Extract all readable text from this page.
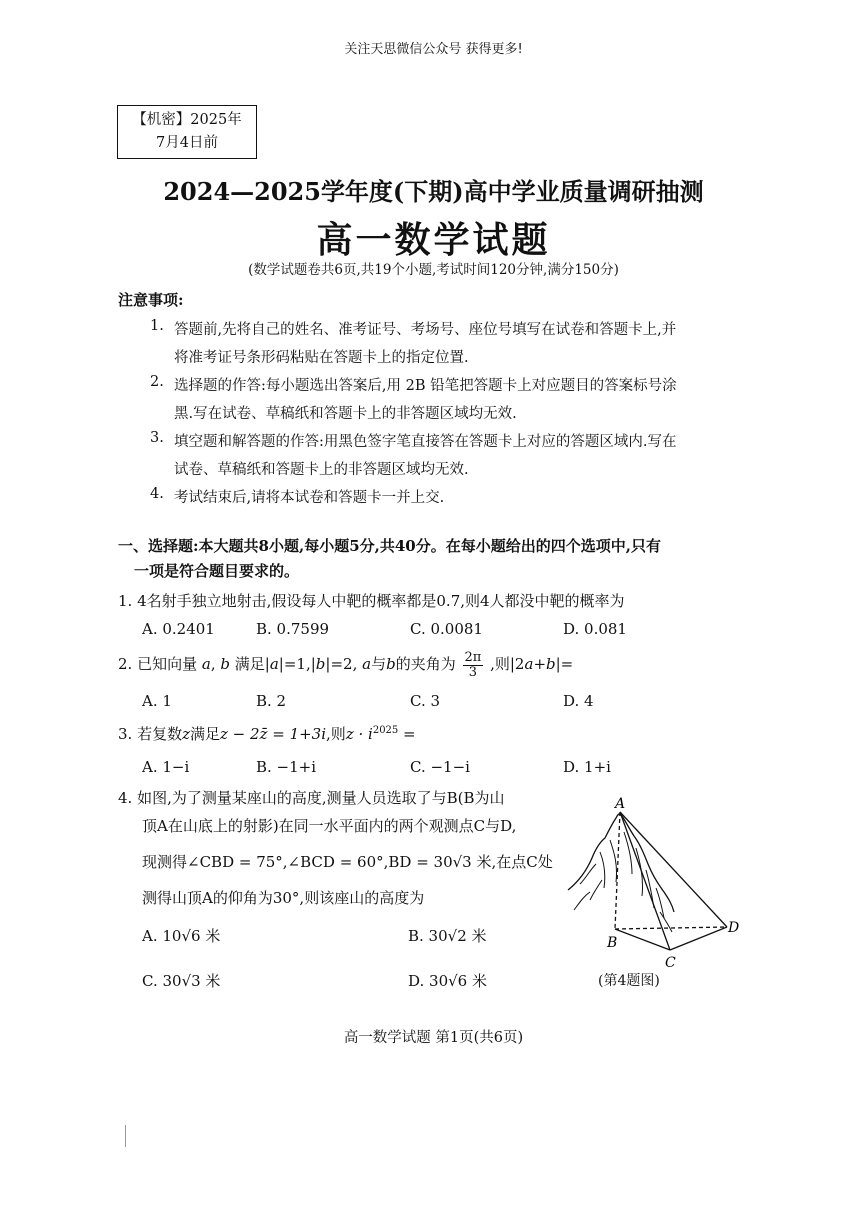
关注天思微信公众号 获得更多!
【机密】2025年
7月4日前
2024—2025学年度(下期)高中学业质量调研抽测
高一数学试题
(数学试题卷共6页,共19个小题,考试时间120分钟,满分150分)
注意事项:
1. 答题前,先将自己的姓名、准考证号、考场号、座位号填写在试卷和答题卡上,并
将准考证号条形码粘贴在答题卡上的指定位置.
2. 选择题的作答:每小题选出答案后,用 2B 铅笔把答题卡上对应题目的答案标号涂
黑.写在试卷、草稿纸和答题卡上的非答题区域均无效.
3. 填空题和解答题的作答:用黑色签字笔直接答在答题卡上对应的答题区域内.写在
试卷、草稿纸和答题卡上的非答题区域均无效.
4. 考试结束后,请将本试卷和答题卡一并上交.
一、选择题:本大题共8小题,每小题5分,共40分。在每小题给出的四个选项中,只有
一项是符合题目要求的。
1. 4名射手独立地射击,假设每人中靶的概率都是0.7,则4人都没中靶的概率为
A. 0.2401	B. 0.7599	C. 0.0081	D. 0.081
2. 已知向量 a, b 满足|a|=1,|b|=2, a与b的夹角为 $\frac{2\pi}{3}$ ,则|2a+b|=
A. 1	B. 2	C. 3	D. 4
3. 若复数z满足z − 2z̄ = 1+3i,则$z \cdot i^{2025}$ =
A. 1−i	B. −1+i	C. −1−i	D. 1+i
4. 如图,为了测量某座山的高度,测量人员选取了与B(B为山
顶A在山底上的射影)在同一水平面内的两个观测点C与D,
现测得∠CBD = 75°,∠BCD = 60°,BD = 30√3 米,在点C处
测得山顶A的仰角为30°,则该座山的高度为
A. 10√6 米	B. 30√2 米
C. 30√3 米	D. 30√6 米
A
B
C
D
(第4题图)
高一数学试题 第1页(共6页)
